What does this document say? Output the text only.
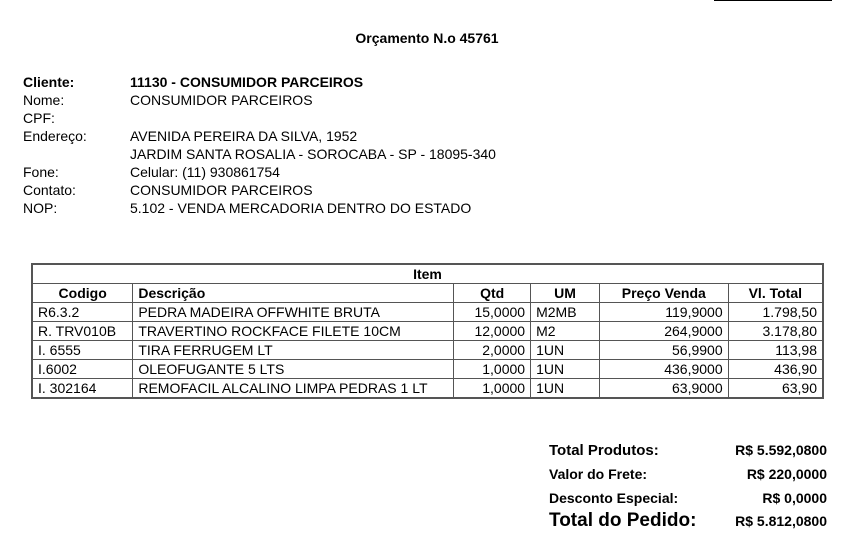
Orçamento N.o 45761
Cliente:	11130 - CONSUMIDOR PARCEIROS
Nome:	CONSUMIDOR PARCEIROS
CPF:	
Endereço:	AVENIDA PEREIRA DA SILVA, 1952
	JARDIM SANTA ROSALIA - SOROCABA - SP - 18095-340
Fone:	Celular: (11) 930861754
Contato:	CONSUMIDOR PARCEIROS
NOP:	5.102 - VENDA MERCADORIA DENTRO DO ESTADO
Item					
Codigo	Descrição	Qtd	UM	Preço Venda	Vl. Total
R6.3.2	PEDRA MADEIRA OFFWHITE BRUTA	15,0000	M2MB	119,9000	1.798,50
R. TRV010B	TRAVERTINO ROCKFACE FILETE 10CM	12,0000	M2	264,9000	3.178,80
I. 6555	TIRA FERRUGEM LT	2,0000	1UN	56,9900	113,98
I.6002	OLEOFUGANTE 5 LTS	1,0000	1UN	436,9000	436,90
I. 302164	REMOFACIL ALCALINO LIMPA PEDRAS 1 LT	1,0000	1UN	63,9000	63,90
Total Produtos:	R$ 5.592,0800
Valor do Frete:	R$ 220,0000
Desconto Especial:	R$ 0,0000
Total do Pedido:	R$ 5.812,0800
